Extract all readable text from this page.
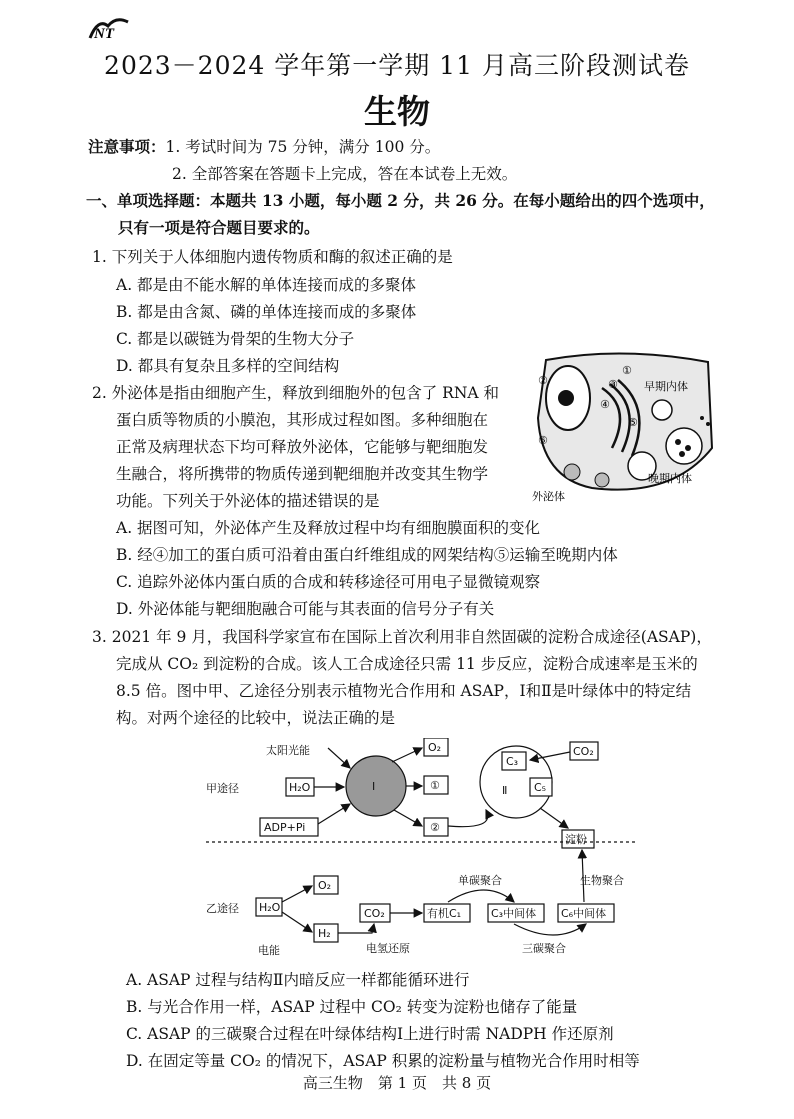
NT
2023－2024 学年第一学期 11 月高三阶段测试卷
生物
注意事项：1. 考试时间为 75 分钟，满分 100 分。
2. 全部答案在答题卡上完成，答在本试卷上无效。
一、单项选择题：本题共 13 小题，每小题 2 分，共 26 分。在每小题给出的四个选项中，
只有一项是符合题目要求的。
1. 下列关于人体细胞内遗传物质和酶的叙述正确的是
A. 都是由不能水解的单体连接而成的多聚体
B. 都是由含氮、磷的单体连接而成的多聚体
C. 都是以碳链为骨架的生物大分子
D. 都具有复杂且多样的空间结构
2. 外泌体是指由细胞产生，释放到细胞外的包含了 RNA 和
蛋白质等物质的小膜泡，其形成过程如图。多种细胞在
正常及病理状态下均可释放外泌体，它能够与靶细胞发
生融合，将所携带的物质传递到靶细胞并改变其生物学
功能。下列关于外泌体的描述错误的是
②
①
③
④
⑤
⑥
早期内体
晚期内体
外泌体
A. 据图可知，外泌体产生及释放过程中均有细胞膜面积的变化
B. 经④加工的蛋白质可沿着由蛋白纤维组成的网架结构⑤运输至晚期内体
C. 追踪外泌体内蛋白质的合成和转移途径可用电子显微镜观察
D. 外泌体能与靶细胞融合可能与其表面的信号分子有关
3. 2021 年 9 月，我国科学家宣布在国际上首次利用非自然固碳的淀粉合成途径(ASAP)，
完成从 CO₂ 到淀粉的合成。该人工合成途径只需 11 步反应，淀粉合成速率是玉米的
8.5 倍。图中甲、乙途径分别表示植物光合作用和 ASAP，Ⅰ和Ⅱ是叶绿体中的特定结
构。对两个途径的比较中，说法正确的是
甲途径
太阳光能
H₂O
ADP+Pi
Ⅰ
O₂
①
②
Ⅱ
C₃
C₅
CO₂
淀粉
乙途径 H₂O
电能
O₂
H₂
CO₂
电氢还原
有机C₁	C₃中间体 C₆中间体
单碳聚合
三碳聚合
生物聚合
A. ASAP 过程与结构Ⅱ内暗反应一样都能循环进行
B. 与光合作用一样，ASAP 过程中 CO₂ 转变为淀粉也储存了能量
C. ASAP 的三碳聚合过程在叶绿体结构Ⅰ上进行时需 NADPH 作还原剂
D. 在固定等量 CO₂ 的情况下，ASAP 积累的淀粉量与植物光合作用时相等
高三生物　第 1 页　共 8 页
